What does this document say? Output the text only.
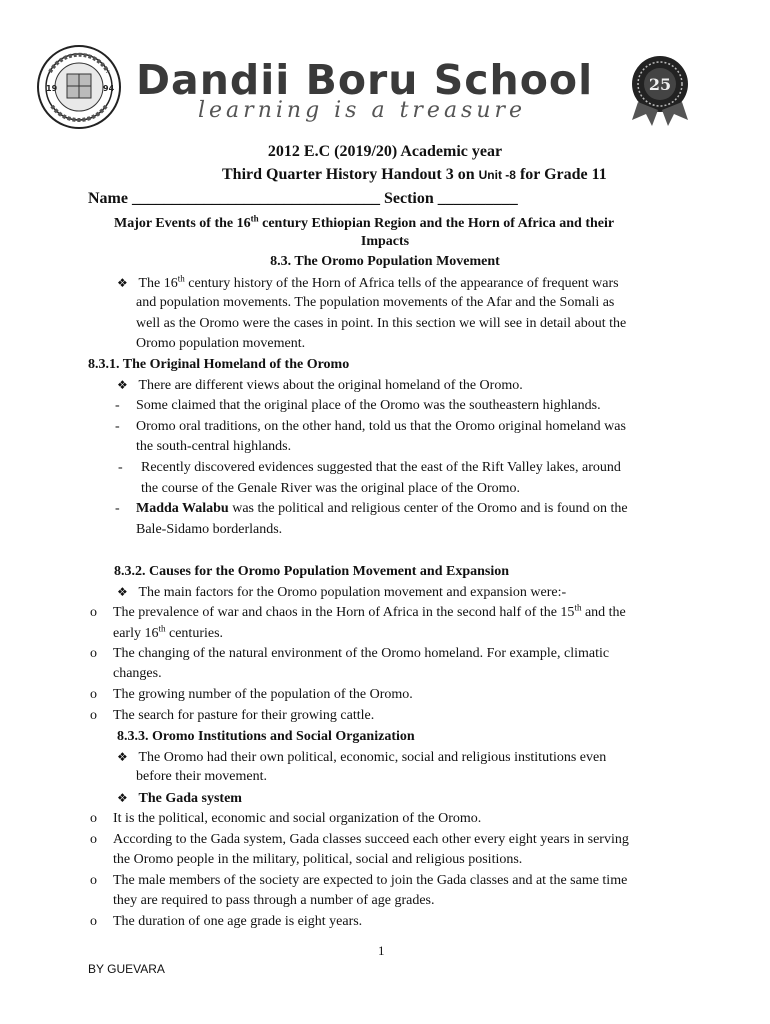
19	94 Dandii Boru School
learning is a treasure
25
2012 E.C (2019/20) Academic year
Third Quarter History Handout 3 on Unit -8 for Grade 11
Name _______________________________ Section __________
Major Events of the 16th century Ethiopian Region and the Horn of Africa and their
Impacts
8.3. The Oromo Population Movement
❖ The 16th century history of the Horn of Africa tells of the appearance of frequent wars
and population movements. The population movements of the Afar and the Somali as
well as the Oromo were the cases in point. In this section we will see in detail about the
Oromo population movement.
8.3.1. The Original Homeland of the Oromo
❖ There are different views about the original homeland of the Oromo.
- Some claimed that the original place of the Oromo was the southeastern highlands.
- Oromo oral traditions, on the other hand, told us that the Oromo original homeland was
the south-central highlands.
- Recently discovered evidences suggested that the east of the Rift Valley lakes, around
the course of the Genale River was the original place of the Oromo.
- Madda Walabu was the political and religious center of the Oromo and is found on the
Bale-Sidamo borderlands.
8.3.2. Causes for the Oromo Population Movement and Expansion
❖ The main factors for the Oromo population movement and expansion were:-
o The prevalence of war and chaos in the Horn of Africa in the second half of the 15th and the
early 16th centuries.
o The changing of the natural environment of the Oromo homeland. For example, climatic
changes.
o The growing number of the population of the Oromo.
o The search for pasture for their growing cattle.
8.3.3. Oromo Institutions and Social Organization
❖ The Oromo had their own political, economic, social and religious institutions even
before their movement.
❖ The Gada system
o It is the political, economic and social organization of the Oromo.
o According to the Gada system, Gada classes succeed each other every eight years in serving
the Oromo people in the military, political, social and religious positions.
o The male members of the society are expected to join the Gada classes and at the same time
they are required to pass through a number of age grades.
o The duration of one age grade is eight years.
1
BY GUEVARA
